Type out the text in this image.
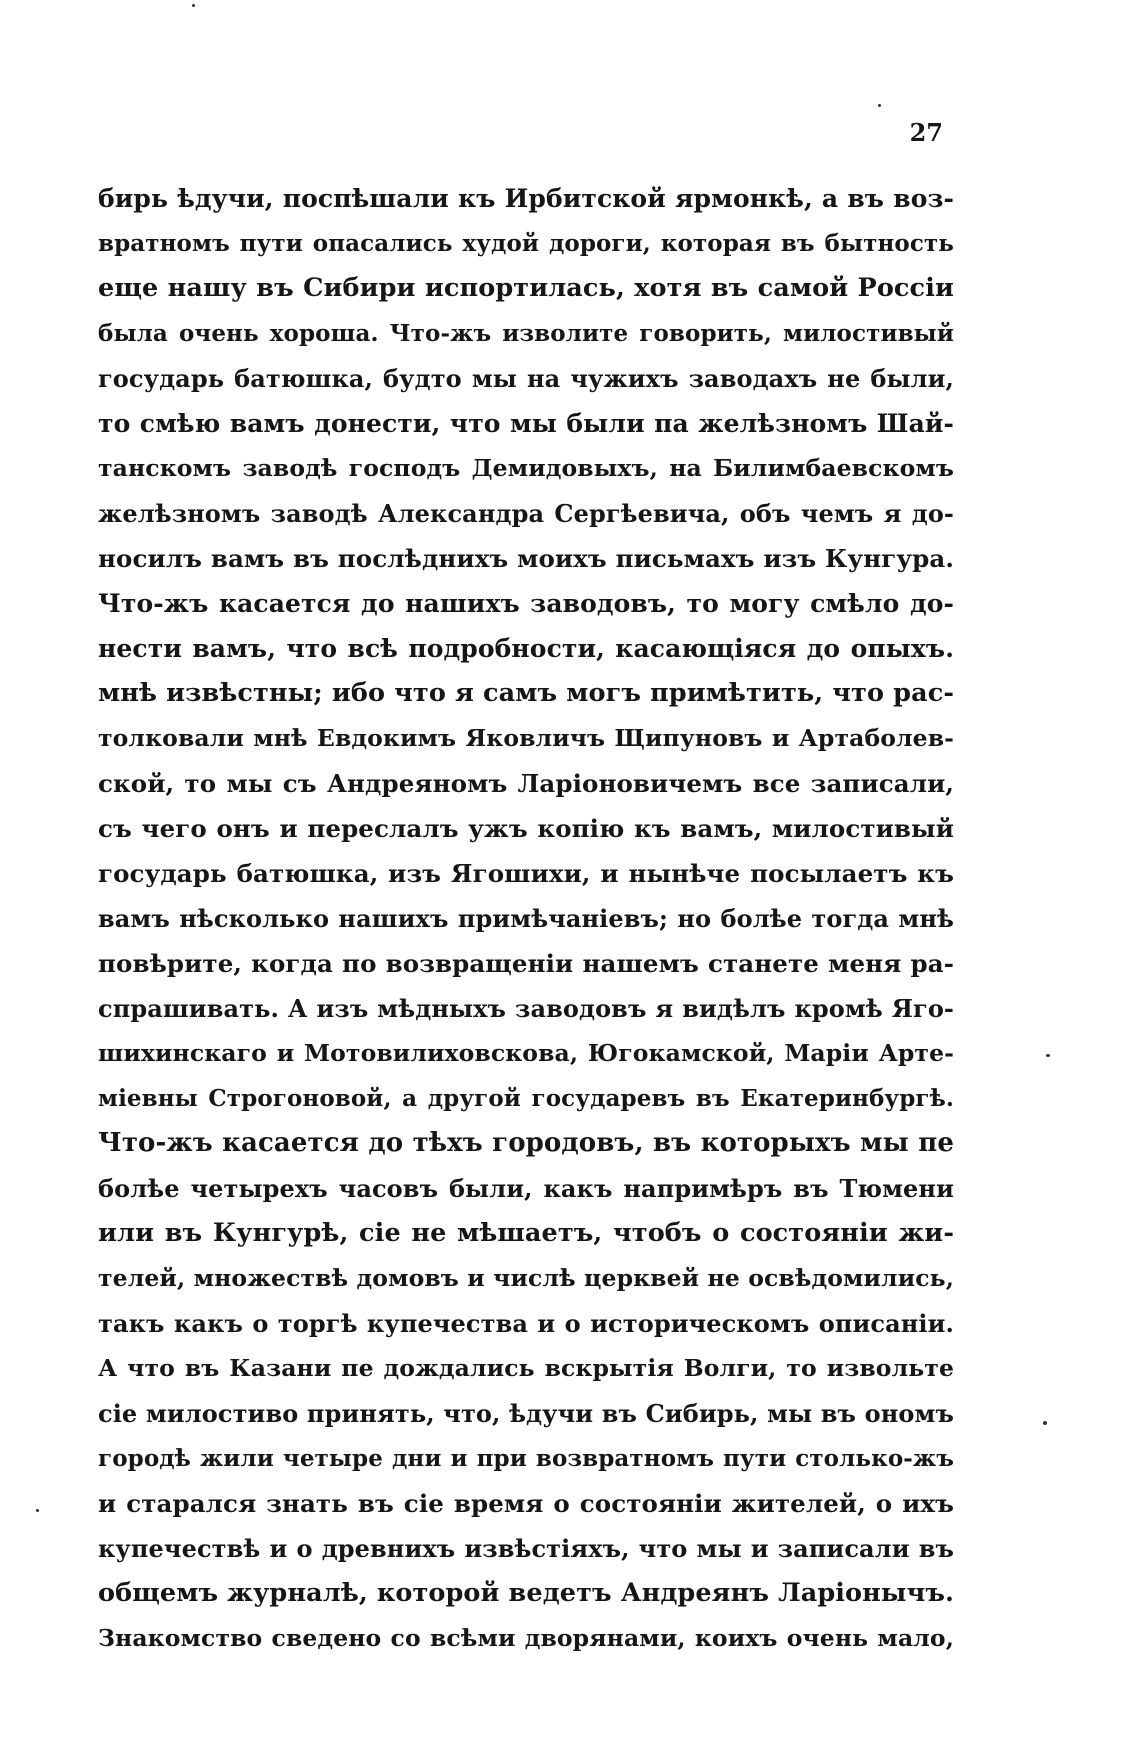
27
бирь ѣдучи, поспѣшали къ Ирбитской ярмонкѣ, а въ воз-
вратномъ пути опасались худой дороги, которая въ бытность
еще нашу въ Сибири испортилась, хотя въ самой Россіи
была очень хороша. Что-жъ изволите говорить, милостивый
государь батюшка, будто мы на чужихъ заводахъ не были,
то смѣю вамъ донести, что мы были па желѣзномъ Шай-
танскомъ заводѣ господъ Демидовыхъ, на Билимбаевскомъ
желѣзномъ заводѣ Александра Сергѣевича, объ чемъ я до-
носилъ вамъ въ послѣднихъ моихъ письмахъ изъ Кунгура.
Что-жъ касается до нашихъ заводовъ, то могу смѣло до-
нести вамъ, что всѣ подробности, касающіяся до опыхъ.
мнѣ извѣстны; ибо что я самъ могъ примѣтить, что рас-
толковали мнѣ Евдокимъ Яковличъ Щипуновъ и Артаболев-
ской, то мы съ Андреяномъ Ларіоновичемъ все записали,
съ чего онъ и переслалъ ужъ копію къ вамъ, милостивый
государь батюшка, изъ Ягошихи, и нынѣче посылаетъ къ
вамъ нѣсколько нашихъ примѣчаніевъ; но болѣе тогда мнѣ
повѣрите, когда по возвращеніи нашемъ станете меня ра-
спрашивать. А изъ мѣдныхъ заводовъ я видѣлъ кромѣ Яго-
шихинскаго и Мотовилиховскова, Югокамской, Маріи Арте-
міевны Строгоновой, а другой государевъ въ Екатеринбургѣ.
Что-жъ касается до тѣхъ городовъ, въ которыхъ мы пе
болѣе четырехъ часовъ были, какъ напримѣръ въ Тюмени
или въ Кунгурѣ, сіе не мѣшаетъ, чтобъ о состояніи жи-
телей, множествѣ домовъ и числѣ церквей не освѣдомились,
такъ какъ о торгѣ купечества и о историческомъ описаніи.
А что въ Казани пе дождались вскрытія Волги, то извольте
сіе милостиво принять, что, ѣдучи въ Сибирь, мы въ ономъ
городѣ жили четыре дни и при возвратномъ пути столько-жъ
и старался знать въ сіе время о состояніи жителей, о ихъ
купечествѣ и о древнихъ извѣстіяхъ, что мы и записали въ
общемъ журналѣ, которой ведетъ Андреянъ Ларіонычъ.
Знакомство сведено со всѣми дворянами, коихъ очень мало,
